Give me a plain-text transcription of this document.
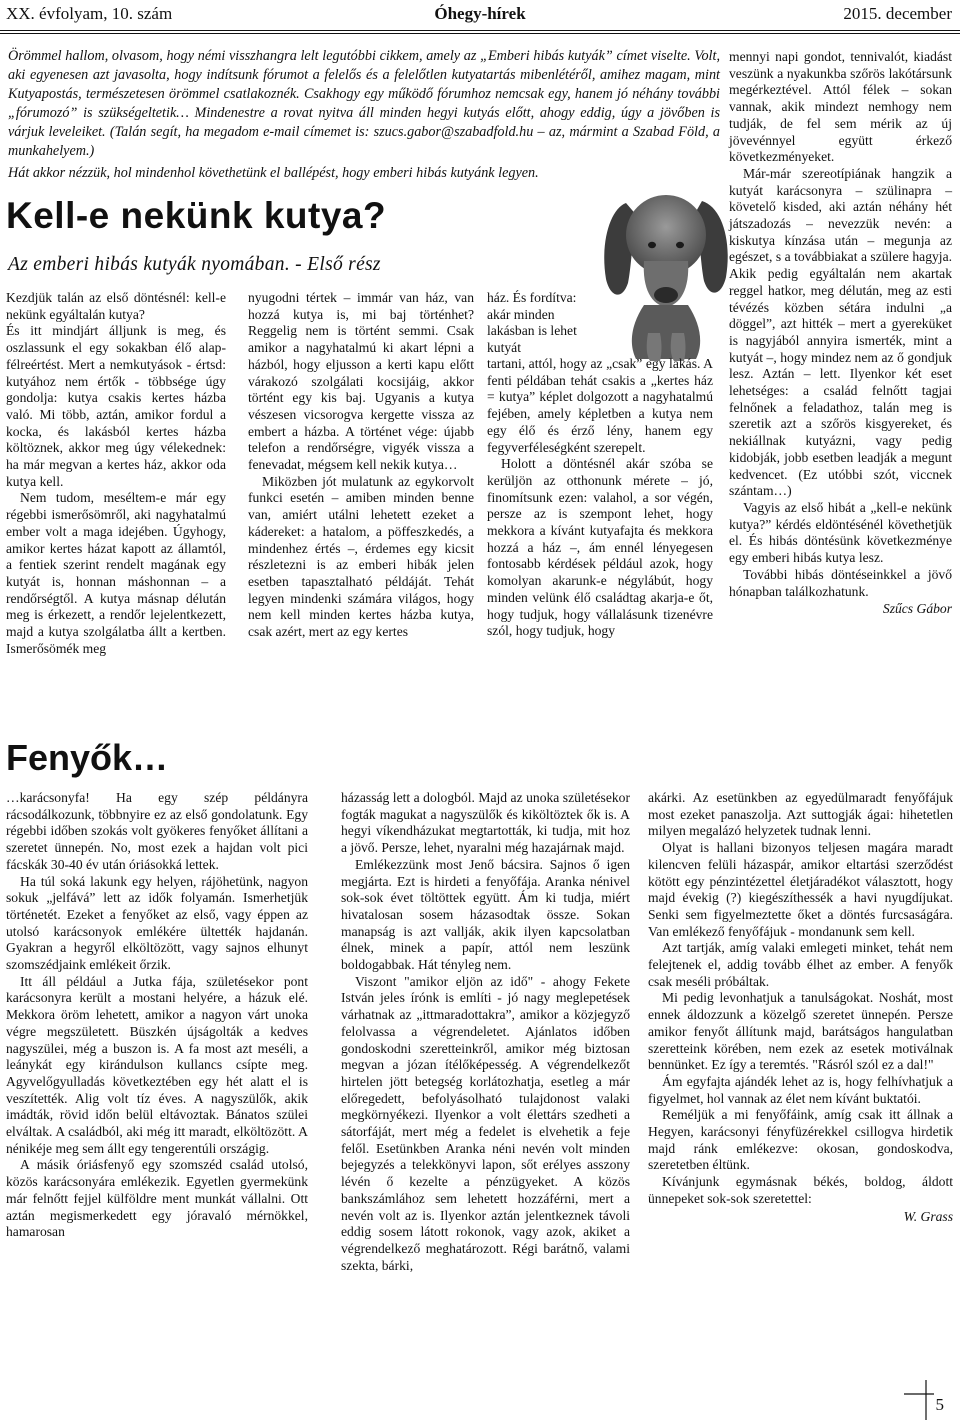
XX. évfolyam, 10. szám	Óhegy-hírek	2015. december

Örömmel hallom, olvasom, hogy némi visszhangra lelt legutóbbi cikkem, amely az „Emberi hibás kutyák” címet viselte. Volt, aki egyenesen azt javasolta, hogy indítsunk fórumot a felelős és a felelőtlen kutyatartás mibenlétéről, amihez magam, mint Kutyapostás, természetesen örömmel csatlakoznék. Csakhogy egy működő fórumhoz nemcsak egy, hanem jó néhány további „fórumozó” is szükségeltetik… Mindenestre a rovat nyitva áll minden hegyi kutyás előtt, ahogy eddig, úgy a jövőben is várjuk leveleiket. (Talán segít, ha megadom e-mail címemet is: szucs.gabor@szabadfold.hu – az, mármint a Szabad Föld, a munkahelyem.)

Hát akkor nézzük, hol mindenhol követhetünk el ballépést, hogy emberi hibás kutyánk legyen.

Kell-e nekünk kutya?
Az emberi hibás kutyák nyomában. - Első rész

Kezdjük talán az első döntésnél: kell-e nekünk egyáltalán kutya?

És itt mindjárt álljunk is meg, és oszlassunk el egy sokakban élő alap-félreértést. Mert a nemkutyások - értsd: kutyához nem értők - többsége úgy gondolja: kutya csakis kertes házba való. Mi több, aztán, amikor fordul a kocka, és lakásból kertes házba költöznek, akkor meg úgy vélekednek: ha már megvan a kertes ház, akkor oda kutya kell.

Nem tudom, meséltem-e már egy régebbi ismerősömről, aki nagyhatalmú ember volt a maga idejében. Úgyhogy, amikor kertes házat kapott az államtól, a fentiek szerint rendelt magának egy kutyát is, honnan máshonnan – a rendőrségtől. A kutya másnap délután meg is érkezett, a rendőr lejelentkezett, majd a kutya szolgálatba állt a kertben. Ismerősömék meg

nyugodni tértek – immár van ház, van hozzá kutya is, mi baj történhet? Reggelig nem is történt semmi. Csak amikor a nagyhatalmú ki akart lépni a házból, hogy eljusson a kerti kapu előtt várakozó szolgálati kocsijáig, akkor történt egy kis baj. Ugyanis a kutya vészesen vicsorogva kergette vissza az embert a házba. A történet vége: újabb telefon a rendőrségre, vigyék vissza a fenevadat, mégsem kell nekik kutya…

Miközben jót mulatunk az egykorvolt funkci esetén – amiben minden benne van, amiért utálni lehetett ezeket a kádereket: a hatalom, a pöffeszkedés, a mindenhez értés –, érdemes egy kicsit részletezni is az emberi hibák jelen esetben tapasztalható példáját. Tehát legyen mindenki számára világos, hogy nem kell minden kertes házba kutya, csak azért, mert az egy kertes

ház. És fordítva: akár minden lakásban is lehet kutyát

tartani, attól, hogy az „csak” egy lakás. A fenti példában tehát csakis a „kertes ház = kutya” képlet dolgozott a nagyhatalmú fejében, amely képletben a kutya nem egy élő és érző lény, hanem egy fegyverféleségként szerepelt.

Holott a döntésnél akár szóba se kerüljön az otthonunk mérete – jó, finomítsunk ezen: valahol, a sor végén, persze az is szempont lehet, hogy mekkora a kívánt kutyafajta és mekkora hozzá a ház –, ám ennél lényegesen fontosabb kérdések például azok, hogy komolyan akarunk-e négylábút, hogy minden velünk élő családtag akarja-e őt, hogy tudjuk, hogy vállalásunk tizenévre szól, hogy tudjuk, hogy

mennyi napi gondot, tennivalót, kiadást veszünk a nyakunkba szőrös lakótársunk megérkeztével. Attól félek – sokan vannak, akik mindezt nemhogy nem tudják, de fel sem mérik az új jövevénnyel együtt érkező következményeket.

Már-már szereotípiának hangzik a kutyát karácsonyra – szülinapra – követelő kisded, aki aztán néhány hét játszadozás – nevezzük nevén: a kiskutya kínzása után – megunja az egészet, s a továbbiakat a szülere hagyja. Akik pedig egyáltalán nem akartak reggel hatkor, meg délután, meg az esti tévézés közben sétára indulni „a döggel”, azt hitték – mert a gyereküket is nagyjából annyira ismerték, mint a kutyát –, hogy mindez nem az ő gondjuk lesz. Aztán – lett. Ilyenkor két eset lehetséges: a család felnőtt tagjai felnőnek a feladathoz, talán meg is szeretik azt a szőrös kisgyereket, és nekiállnak kutyázni, vagy pedig kidobják, jobb esetben leadják a megunt kedvencet. (Ez utóbbi szót, viccnek szántam…)

Vagyis az első hibát a „kell-e nekünk kutya?” kérdés eldöntésénél követhetjük el. És hibás döntésünk következménye egy emberi hibás kutya lesz.

További hibás döntéseinkkel a jövő hónapban találkozhatunk.

Szűcs Gábor
Fenyők…

…karácsonyfa! Ha egy szép példányra rácsodálkozunk, többnyire ez az első gondolatunk. Egy régebbi időben szokás volt gyökeres fenyőket állítani a szeretet ünnepén. No, most ezek a hajdan volt pici fácskák 30-40 év után óriásokká lettek.

Ha túl soká lakunk egy helyen, rájöhetünk, nagyon sokuk „jelfává” lett az idők folyamán. Ismerhetjük történetét. Ezeket a fenyőket az első, vagy éppen az utolsó karácsonyok emlékére ültették hajdanán. Gyakran a hegyről elköltözött, vagy sajnos elhunyt szomszédjaink emlékeit őrzik.

Itt áll például a Jutka fája, születésekor pont karácsonyra került a mostani helyére, a házuk elé. Mekkora öröm lehetett, amikor a nagyon várt unoka végre megszületett. Büszkén újságolták a kedves nagyszülei, még a buszon is. A fa most azt meséli, a leánykát egy kirándulson kullancs csípte meg. Agyvelőgyulladás következtében egy hét alatt el is veszítették. Alig volt tíz éves. A nagyszülők, akik imádták, rövid időn belül eltávoztak. Bánatos szülei elváltak. A családból, aki még itt maradt, elköltözött. A nénikéje meg sem állt egy tengerentúli országig.

A másik óriásfenyő egy szomszéd család utolsó, közös karácsonyára emlékezik. Egyetlen gyermekünk már felnőtt fejjel külföldre ment munkát vállalni. Ott aztán megismerkedett egy jóravaló mérnökkel, hamarosan

házasság lett a dologból. Majd az unoka születésekor fogták magukat a nagyszülők és kiköltöztek ők is. A hegyi víkendházukat megtartották, ki tudja, mit hoz a jövő. Persze, lehet, nyaralni még hazajárnak majd.

Emlékezzünk most Jenő bácsira. Sajnos ő igen megjárta. Ezt is hirdeti a fenyőfája. Aranka nénivel sok-sok évet töltöttek együtt. Ám ki tudja, miért hivatalosan sosem házasodtak össze. Sokan manapság is azt vallják, akik ilyen kapcsolatban élnek, minek a papír, attól nem leszünk boldogabbak. Hát tényleg nem.

Viszont "amikor eljön az idő" - ahogy Fekete István jeles írónk is említi - jó nagy meglepetések várhatnak az „ittmaradottakra”, amikor a közjegyző felolvassa a végrendeletet. Ajánlatos időben gondoskodni szeretteinkről, amikor még biztosan megvan a józan ítélőképesség. A végrendelkezőt hirtelen jött betegség korlátozhatja, esetleg a már előregedett, befolyásolható tulajdonost valaki megkörnyékezi. Ilyenkor a volt élettárs szedheti a sátorfáját, mert még a fedelet is elvehetik a feje felől. Esetünkben Aranka néni nevén volt minden bejegyzés a telekkönyvi lapon, sőt erélyes asszony lévén ő kezelte a pénzügyeket. A közös bankszámlához sem lehetett hozzáférni, mert a nevén volt az is. Ilyenkor aztán jelentkeznek távoli eddig sosem látott rokonok, vagy azok, akiket a végrendelkező meghatározott. Régi barátnő, valami szekta, bárki,

akárki. Az esetünkben az egyedülmaradt fenyőfájuk most ezeket panaszolja. Azt suttogják ágai: hihetetlen milyen megalázó helyzetek tudnak lenni.

Olyat is hallani bizonyos teljesen magára maradt kilencven felüli házaspár, amikor eltartási szerződést kötött egy pénzintézettel életjáradékot választott, hogy majd évekig (?) kiegészíthessék a havi nyugdíjukat. Senki sem figyelmeztette őket a döntés furcsaságára. Van emlékező fenyőfájuk - mondanunk sem kell.

Azt tartják, amíg valaki emlegeti minket, tehát nem felejtenek el, addig tovább élhet az ember. A fenyők csak meséli próbáltak.

Mi pedig levonhatjuk a tanulságokat. Noshát, most ennek áldozzunk a közelgő szeretet ünnepén. Persze amikor fenyőt állítunk majd, barátságos hangulatban szeretteink körében, nem ezek az esetek motiválnak bennünket. Ez így a teremtés. "Rásról szól ez a dal!"

Ám egyfajta ajándék lehet az is, hogy felhívhatjuk a figyelmet, hol vannak az élet nem kívánt buktatói.

Reméljük a mi fenyőfáink, amíg csak itt állnak a Hegyen, karácsonyi fényfüzérekkel csillogva hirdetik majd ránk emlékezve: okosan, gondoskodva, szeretetben éltünk.

Kívánjunk egymásnak békés, boldog, áldott ünnepeket sok-sok szeretettel:

W. Grass
5
